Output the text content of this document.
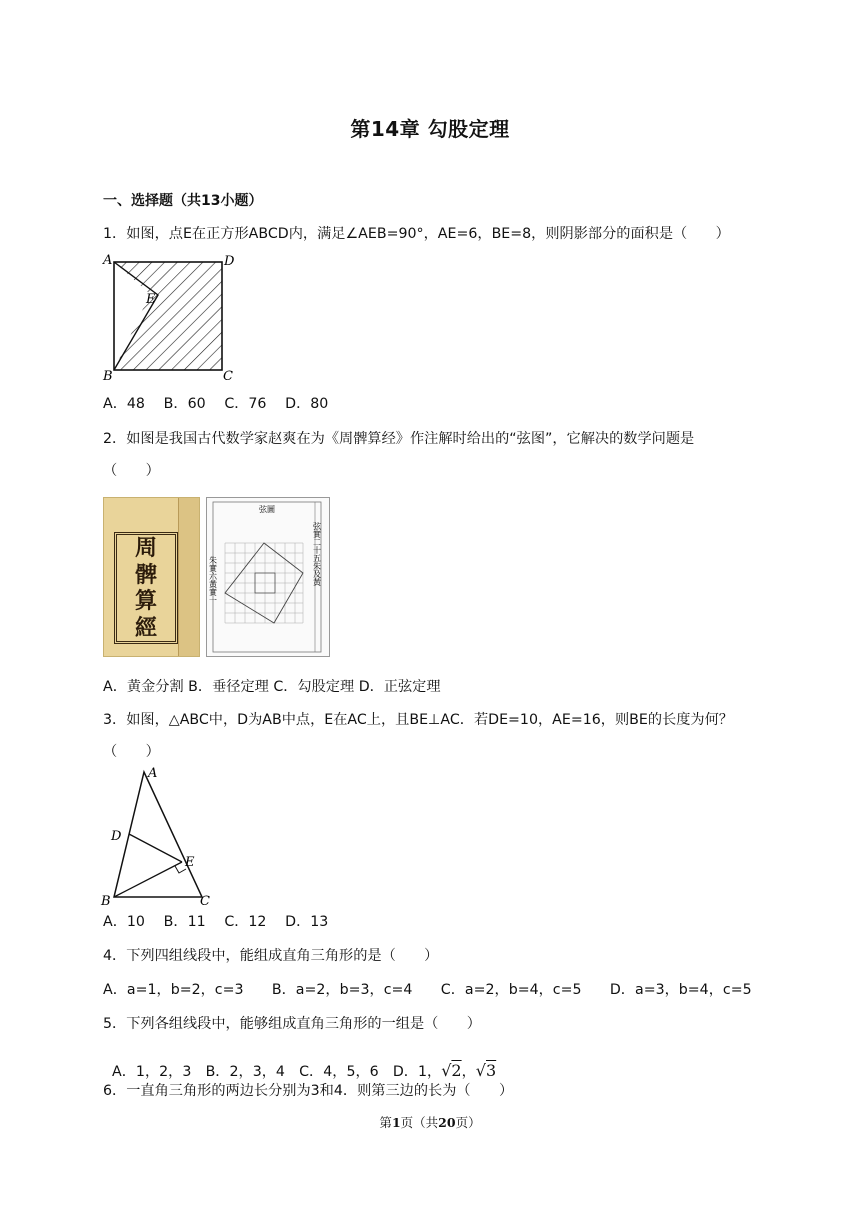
第14章 勾股定理
一、选择题（共13小题）
1．如图，点E在正方形ABCD内，满足∠AEB=90°，AE=6，BE=8，则阴影部分的面积是（　　）
A	D
E
B	C
A．48　 B．60　 C．76　 D．80
2．如图是我国古代数学家赵爽在为《周髀算经》作注解时给出的“弦图”，它解决的数学问题是
（　　）
周
髀
算
經
弦圖
朱實六黃實一	弦實二十五朱及黃
A．黄金分割 B．垂径定理 C．勾股定理 D．正弦定理
3．如图，△ABC中，D为AB中点，E在AC上，且BE⊥AC．若DE=10，AE=16，则BE的长度为何？
（　　）
A
D
E
B	C
A．10　 B．11　 C．12　 D．13
4．下列四组线段中，能组成直角三角形的是（　　）
A．a=1，b=2，c=3　　B．a=2，b=3，c=4　　C．a=2，b=4，c=5　　D．a=3，b=4，c=5
5．下列各组线段中，能够组成直角三角形的一组是（　　）

A．1，2，3　B．2，3，4　C．4，5，6　D．1，√2，√3

6．一直角三角形的两边长分别为3和4．则第三边的长为（　　）
第1页（共20页）
